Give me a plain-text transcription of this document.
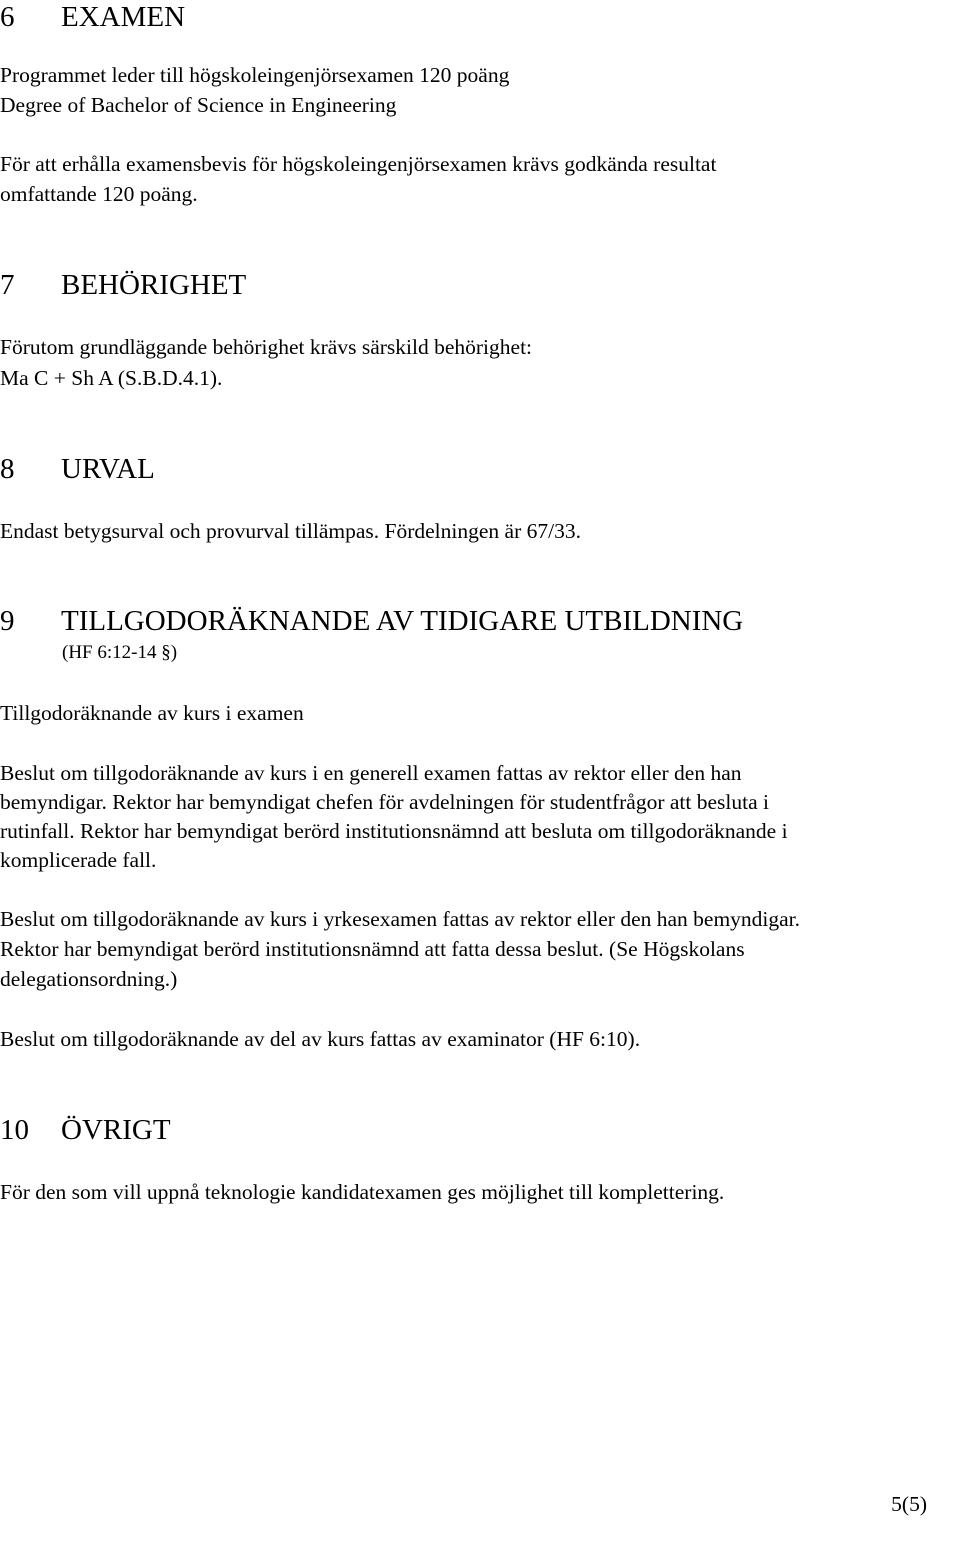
6 EXAMEN
Programmet leder till högskoleingenjörsexamen 120 poäng
Degree of Bachelor of Science in Engineering
För att erhålla examensbevis för högskoleingenjörsexamen krävs godkända resultat
omfattande 120 poäng.
7 BEHÖRIGHET
Förutom grundläggande behörighet krävs särskild behörighet:
Ma C + Sh A (S.B.D.4.1).
8 URVAL
Endast betygsurval och provurval tillämpas. Fördelningen är 67/33.
9 TILLGODORÄKNANDE AV TIDIGARE UTBILDNING
(HF 6:12-14 §)
Tillgodoräknande av kurs i examen
Beslut om tillgodoräknande av kurs i en generell examen fattas av rektor eller den han
bemyndigar. Rektor har bemyndigat chefen för avdelningen för studentfrågor att besluta i
rutinfall. Rektor har bemyndigat berörd institutionsnämnd att besluta om tillgodoräknande i
komplicerade fall.
Beslut om tillgodoräknande av kurs i yrkesexamen fattas av rektor eller den han bemyndigar.
Rektor har bemyndigat berörd institutionsnämnd att fatta dessa beslut. (Se Högskolans
delegationsordning.)
Beslut om tillgodoräknande av del av kurs fattas av examinator (HF 6:10).
10 ÖVRIGT
För den som vill uppnå teknologie kandidatexamen ges möjlighet till komplettering.
5(5)
